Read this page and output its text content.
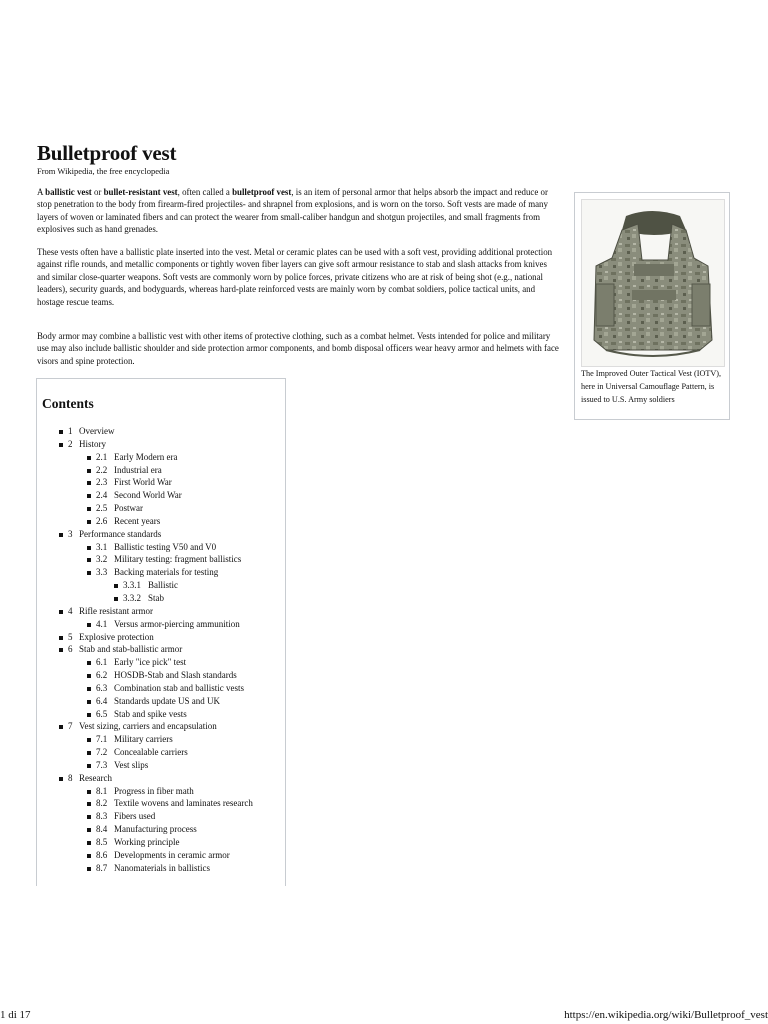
Bulletproof vest
From Wikipedia, the free encyclopedia

A ballistic vest or bullet-resistant vest, often called a bulletproof vest, is an item of personal armor that helps absorb the impact and reduce or stop penetration to the body from firearm-fired projectiles- and shrapnel from explosions, and is worn on the torso. Soft vests are made of many layers of woven or laminated fibers and can protect the wearer from small-caliber handgun and shotgun projectiles, and small fragments from explosives such as hand grenades.

These vests often have a ballistic plate inserted into the vest. Metal or ceramic plates can be used with a soft vest, providing additional protection against rifle rounds, and metallic components or tightly woven fiber layers can give soft armour resistance to stab and slash attacks from knives and similar close-quarter weapons. Soft vests are commonly worn by police forces, private citizens who are at risk of being shot (e.g., national leaders), security guards, and bodyguards, whereas hard-plate reinforced vests are mainly worn by combat soldiers, police tactical units, and hostage rescue teams.

Body armor may combine a ballistic vest with other items of protective clothing, such as a combat helmet. Vests intended for police and military use may also include ballistic shoulder and side protection armor components, and bomb disposal officers wear heavy armor and helmets with face visors and spine protection.

The Improved Outer Tactical Vest (IOTV), here in Universal Camouflage Pattern, is issued to U.S. Army soldiers
Contents
1 Overview
2 History
2.1 Early Modern era
2.2 Industrial era
2.3 First World War
2.4 Second World War
2.5 Postwar
2.6 Recent years
3 Performance standards
3.1 Ballistic testing V50 and V0
3.2 Military testing: fragment ballistics
3.3 Backing materials for testing
3.3.1 Ballistic
3.3.2 Stab
4 Rifle resistant armor
4.1 Versus armor-piercing ammunition
5 Explosive protection
6 Stab and stab-ballistic armor
6.1 Early "ice pick" test
6.2 HOSDB-Stab and Slash standards
6.3 Combination stab and ballistic vests
6.4 Standards update US and UK
6.5 Stab and spike vests
7 Vest sizing, carriers and encapsulation
7.1 Military carriers
7.2 Concealable carriers
7.3 Vest slips
8 Research
8.1 Progress in fiber math
8.2 Textile wovens and laminates research
8.3 Fibers used
8.4 Manufacturing process
8.5 Working principle
8.6 Developments in ceramic armor
8.7 Nanomaterials in ballistics
1 di 17	https://en.wikipedia.org/wiki/Bulletproof_vest
